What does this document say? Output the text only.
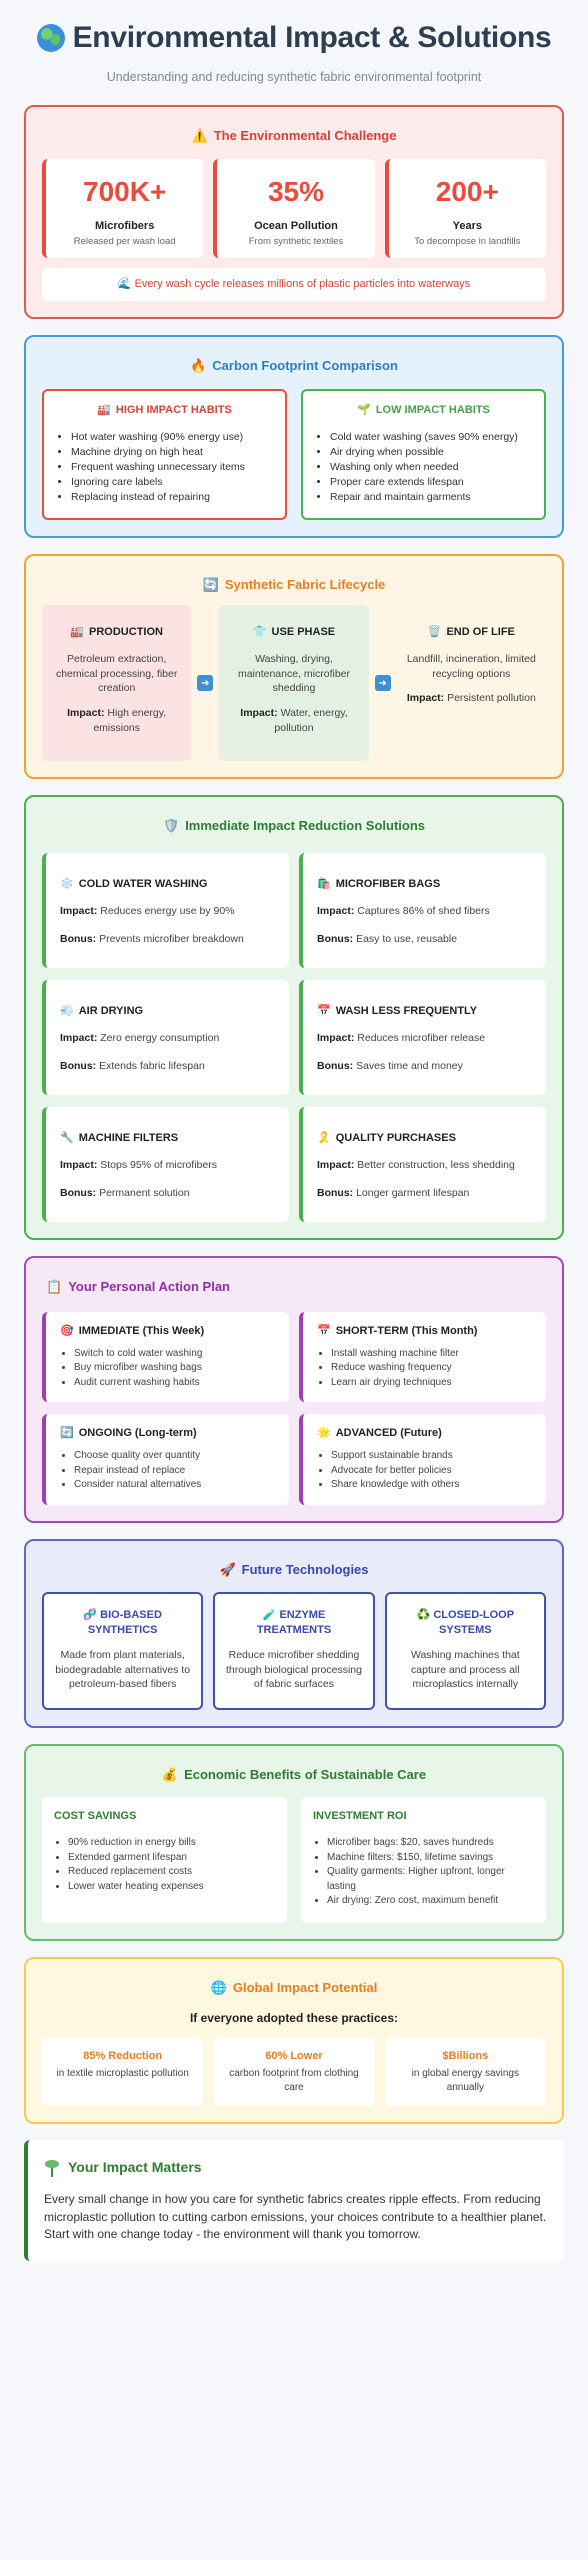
Environmental Impact & Solutions

Understanding and reducing synthetic fabric environmental footprint

⚠️ The Environmental Challenge
700K+
Microfibers
Released per wash load
35%
Ocean Pollution
From synthetic textiles
200+
Years
To decompose in landfills
🌊 Every wash cycle releases millions of plastic particles into waterways
🔥 Carbon Footprint Comparison
🏭 HIGH IMPACT HABITS
• Hot water washing (90% energy use)
• Machine drying on high heat
• Frequent washing unnecessary items
• Ignoring care labels
• Replacing instead of repairing
🌱 LOW IMPACT HABITS
• Cold water washing (saves 90% energy)
• Air drying when possible
• Washing only when needed
• Proper care extends lifespan
• Repair and maintain garments
🔄 Synthetic Fabric Lifecycle
🏭 PRODUCTION

Petroleum extraction, chemical processing, fiber creation

Impact: High energy, emissions

➜
👕 USE PHASE

Washing, drying, maintenance, microfiber shedding

Impact: Water, energy, pollution

➜
🗑️ END OF LIFE

Landfill, incineration, limited recycling options

Impact: Persistent pollution

🛡️ Immediate Impact Reduction Solutions
❄️ COLD WATER WASHING

Impact: Reduces energy use by 90%

Bonus: Prevents microfiber breakdown

🛍️ MICROFIBER BAGS

Impact: Captures 86% of shed fibers

Bonus: Easy to use, reusable

💨 AIR DRYING

Impact: Zero energy consumption

Bonus: Extends fabric lifespan

📅 WASH LESS FREQUENTLY

Impact: Reduces microfiber release

Bonus: Saves time and money

🔧 MACHINE FILTERS

Impact: Stops 95% of microfibers

Bonus: Permanent solution

🎗️ QUALITY PURCHASES

Impact: Better construction, less shedding

Bonus: Longer garment lifespan

📋 Your Personal Action Plan
🎯 IMMEDIATE (This Week)
• Switch to cold water washing
• Buy microfiber washing bags
• Audit current washing habits
📅 SHORT-TERM (This Month)
• Install washing machine filter
• Reduce washing frequency
• Learn air drying techniques
🔄 ONGOING (Long-term)
• Choose quality over quantity
• Repair instead of replace
• Consider natural alternatives
🌟 ADVANCED (Future)
• Support sustainable brands
• Advocate for better policies
• Share knowledge with others
🚀 Future Technologies
🧬 BIO-BASED SYNTHETICS

Made from plant materials, biodegradable alternatives to petroleum-based fibers

🧪 ENZYME TREATMENTS

Reduce microfiber shedding through biological processing of fabric surfaces

♻️ CLOSED-LOOP SYSTEMS

Washing machines that capture and process all microplastics internally

💰 Economic Benefits of Sustainable Care
COST SAVINGS
• 90% reduction in energy bills
• Extended garment lifespan
• Reduced replacement costs
• Lower water heating expenses
INVESTMENT ROI
• Microfiber bags: $20, saves hundreds
• Machine filters: $150, lifetime savings
• Quality garments: Higher upfront, longer lasting
• Air drying: Zero cost, maximum benefit
🌐 Global Impact Potential
If everyone adopted these practices:
85% Reduction
in textile microplastic pollution
60% Lower
carbon footprint from clothing care
$Billions
in global energy savings annually
Your Impact Matters

Every small change in how you care for synthetic fabrics creates ripple effects. From reducing microplastic pollution to cutting carbon emissions, your choices contribute to a healthier planet. Start with one change today - the environment will thank you tomorrow.
